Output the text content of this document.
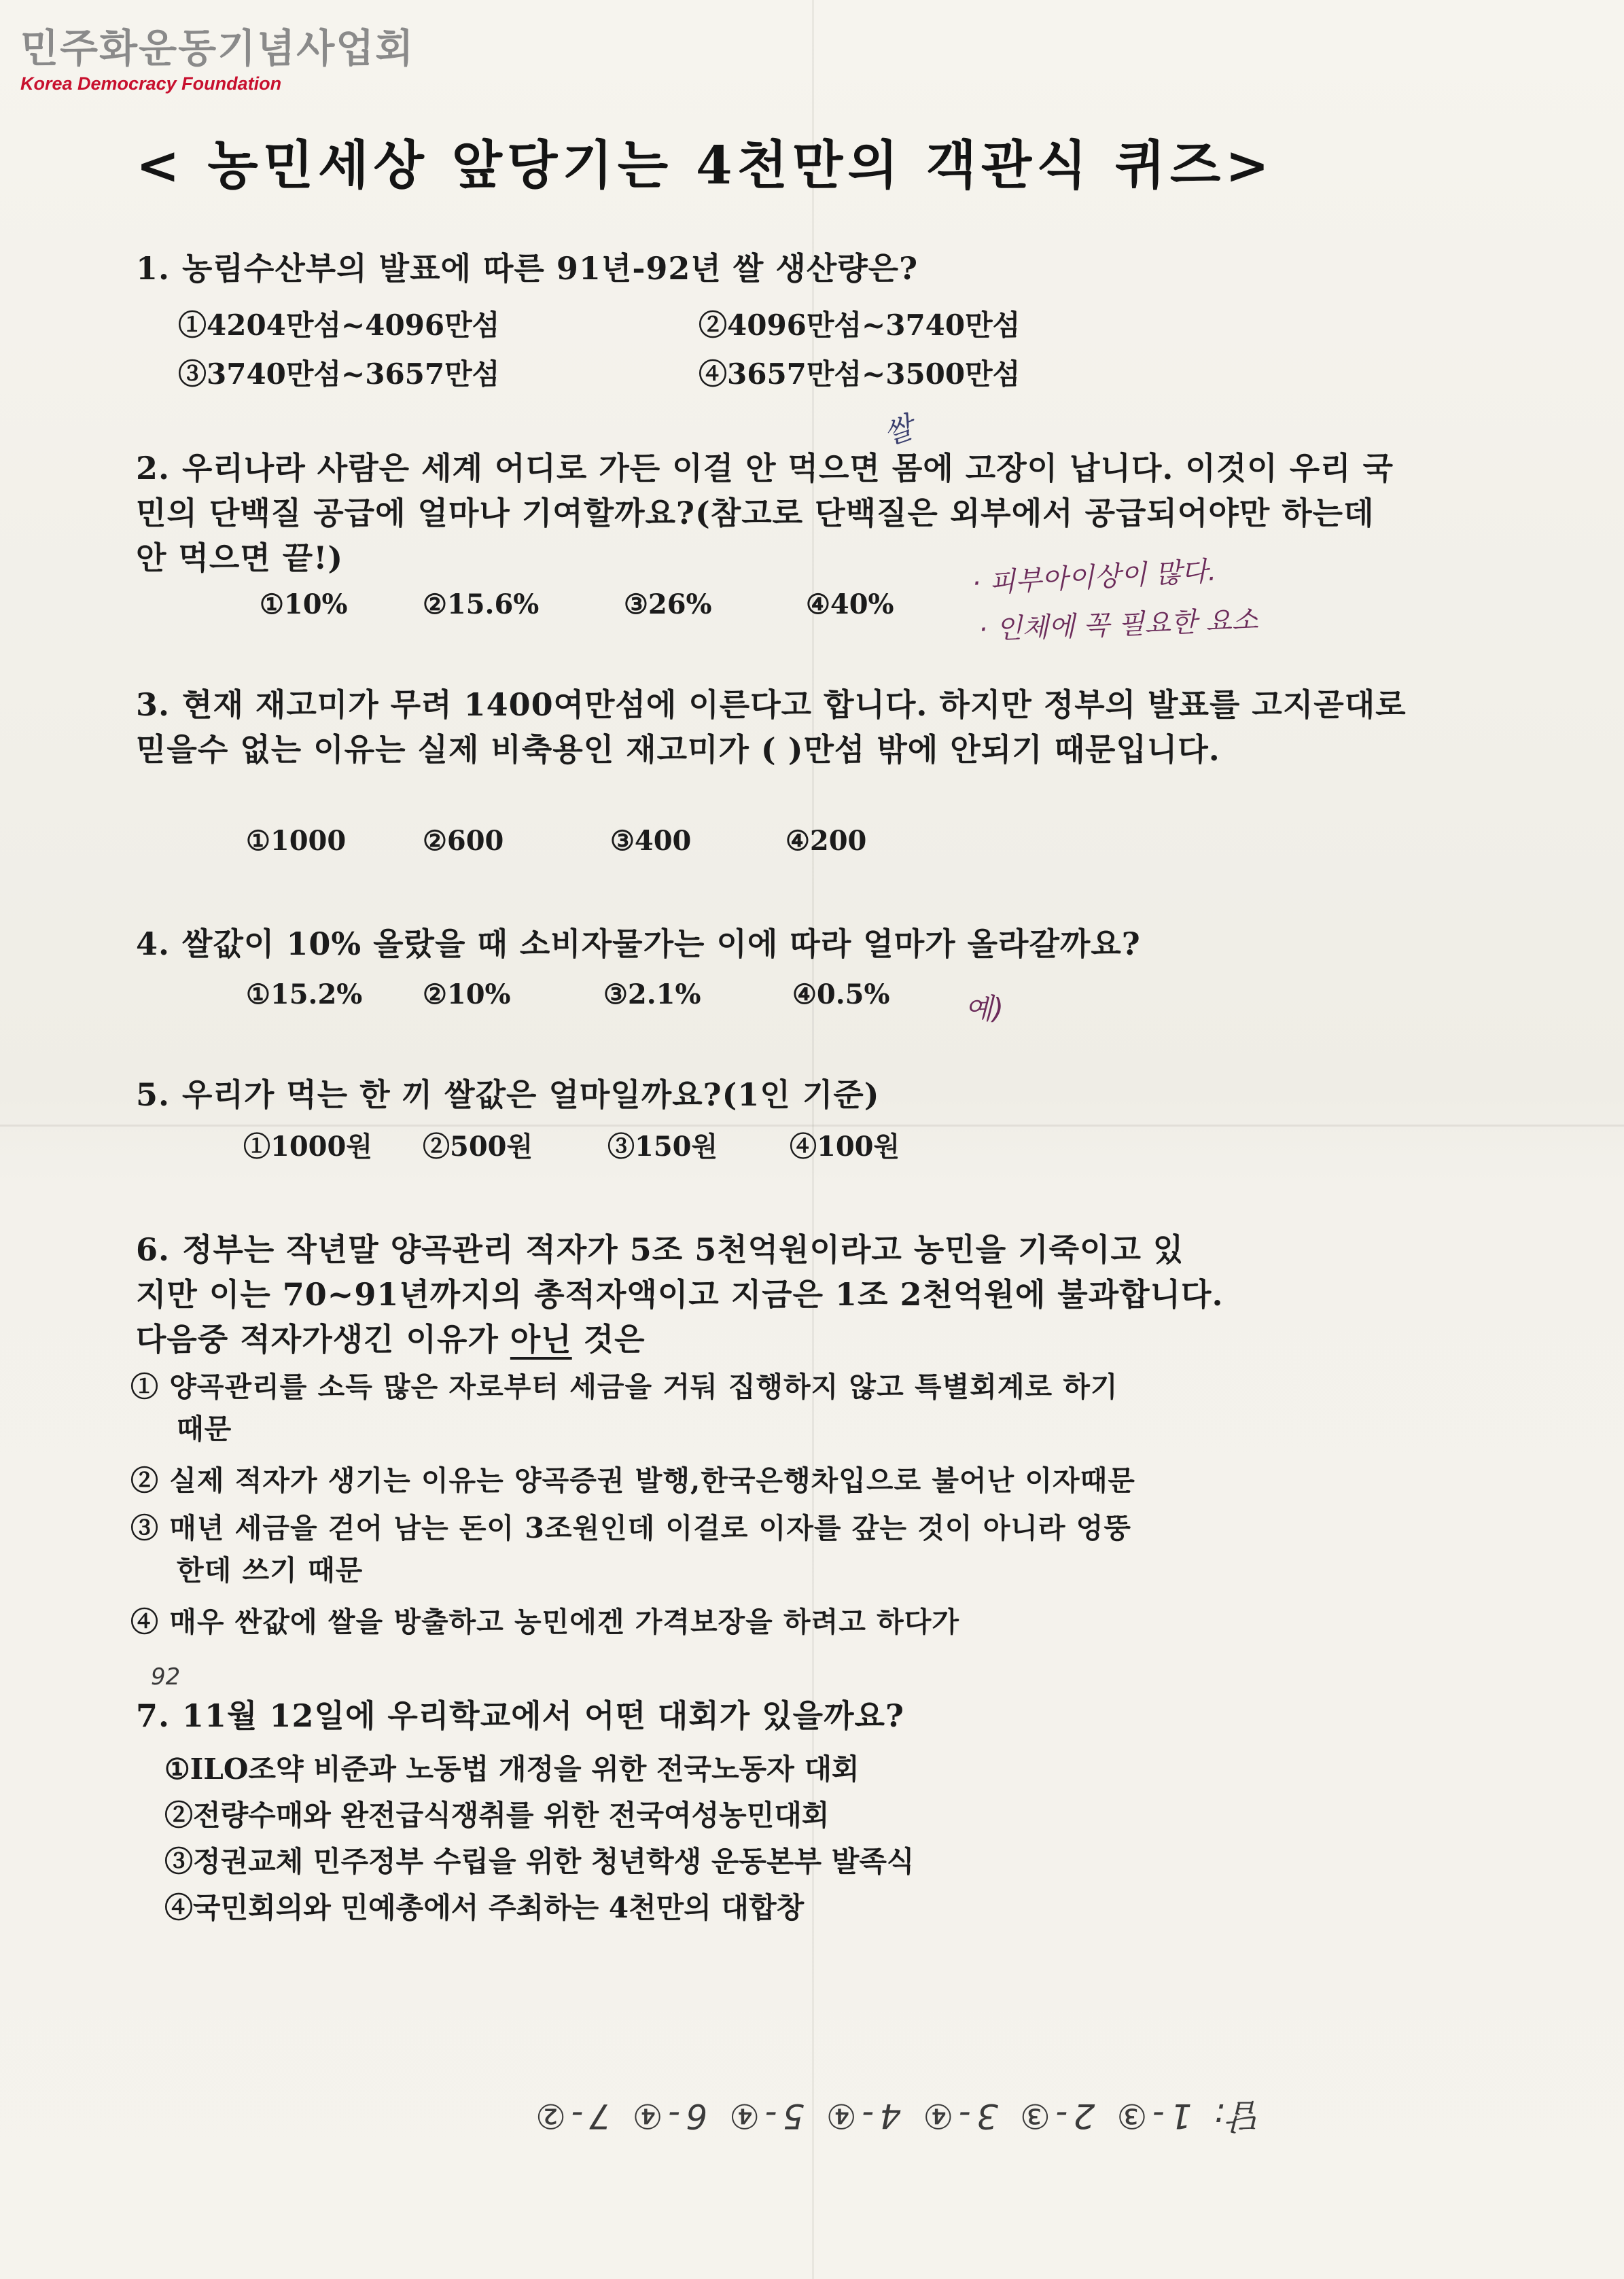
민주화운동기념사업회
Korea Democracy Foundation
< 농민세상 앞당기는 4천만의 객관식 퀴즈>
1. 농림수산부의 발표에 따른 91년-92년 쌀 생산량은?
①4204만섬~4096만섬	②4096만섬~3740만섬
③3740만섬~3657만섬	④3657만섬~3500만섬
2. 우리나라 사람은 세계 어디로 가든 이걸 안 먹으면 몸에 고장이 납니다. 이것이 우리 국민의 단백질 공급에 얼마나 기여할까요?(참고로 단백질은 외부에서 공급되어야만 하는데 안 먹으면 끝!)
①10%	②15.6%	③26%	④40%
3. 현재 재고미가 무려 1400여만섬에 이른다고 합니다. 하지만 정부의 발표를 고지곧대로 믿을수 없는 이유는 실제 비축용인 재고미가 ( )만섬 밖에 안되기 때문입니다.
①1000	②600	③400	④200
4. 쌀값이 10% 올랐을 때 소비자물가는 이에 따라 얼마가 올라갈까요?
①15.2% ②10%	③2.1%	④0.5%
5. 우리가 먹는 한 끼 쌀값은 얼마일까요?(1인 기준)
①1000원 ②500원	③150원	④100원
6. 정부는 작년말 양곡관리 적자가 5조 5천억원이라고 농민을 기죽이고 있
지만 이는 70~91년까지의 총적자액이고 지금은 1조 2천억원에 불과합니다.
다음중 적자가생긴 이유가 아닌 것은
① 양곡관리를 소득 많은 자로부터 세금을 거둬 집행하지 않고 특별회계로 하기
때문
② 실제 적자가 생기는 이유는 양곡증권 발행,한국은행차입으로 불어난 이자때문
③ 매년 세금을 걷어 남는 돈이 3조원인데 이걸로 이자를 갚는 것이 아니라 엉뚱
한데 쓰기 때문
④ 매우 싼값에 쌀을 방출하고 농민에겐 가격보장을 하려고 하다가
7. 11월 12일에 우리학교에서 어떤 대회가 있을까요?
①ILO조약 비준과 노동법 개정을 위한 전국노동자 대회
②전량수매와 완전급식쟁취를 위한 전국여성농민대회
③정권교체 민주정부 수립을 위한 청년학생 운동본부 발족식
④국민회의와 민예총에서 주최하는 4천만의 대합창
쌀
· 피부아이상이 많다.
· 인체에 꼭 필요한 요소
예)
92
답: 1-③ 2-③ 3-④ 4-④ 5-④ 6-④ 7-②
